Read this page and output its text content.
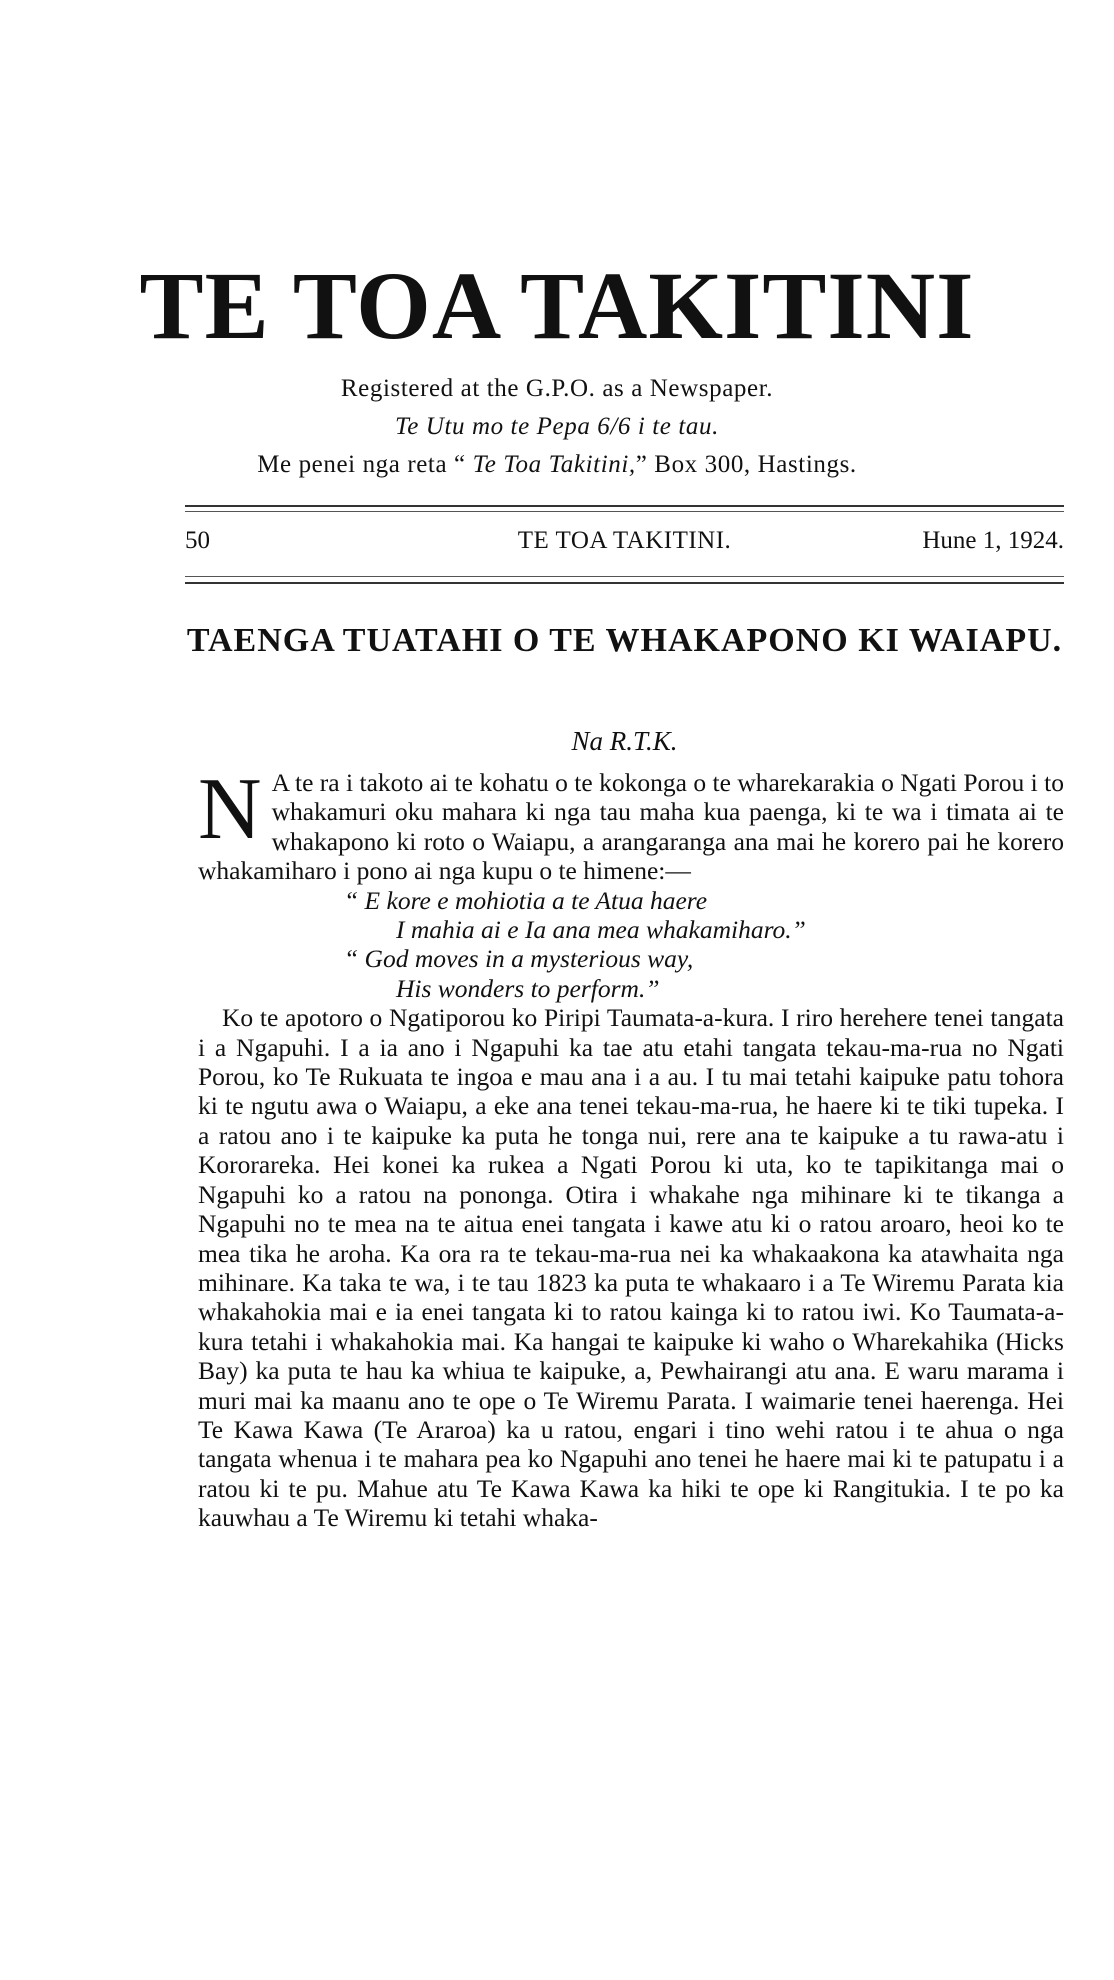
TE TOA TAKITINI
Registered at the G.P.O. as a Newspaper.
Te Utu mo te Pepa 6/6 i te tau.
Me penei nga reta “ Te Toa Takitini,” Box 300, Hastings.
50	TE TOA TAKITINI.	Hune 1, 1924.
TAENGA TUATAHI O TE WHAKAPONO KI WAIAPU.
Na R.T.K.

N A te ra i takoto ai te kohatu o te kokonga o te wharekarakia o Ngati Porou i to whakamuri oku mahara ki nga tau maha kua paenga, ki te wa i timata ai te whakapono ki roto o Waiapu, a arangaranga ana mai he korero pai he korero whakamiharo i pono ai nga kupu o te himene:—

“ E kore e mohiotia a te Atua haere
I mahia ai e Ia ana mea whakamiharo.”
“ God moves in a mysterious way,
His wonders to perform.”

Ko te apotoro o Ngatiporou ko Piripi Taumata-a-kura. I riro herehere tenei tangata i a Ngapuhi. I a ia ano i Ngapuhi ka tae atu etahi tangata tekau-ma-rua no Ngati Porou, ko Te Rukuata te ingoa e mau ana i a au. I tu mai tetahi kaipuke patu tohora ki te ngutu awa o Waiapu, a eke ana tenei tekau-ma-rua, he haere ki te tiki tupeka. I a ratou ano i te kaipuke ka puta he tonga nui, rere ana te kaipuke a tu rawa-atu i Kororareka. Hei konei ka rukea a Ngati Porou ki uta, ko te tapikitanga mai o Ngapuhi ko a ratou na pononga. Otira i whakahe nga mihinare ki te tikanga a Ngapuhi no te mea na te aitua enei tangata i kawe atu ki o ratou aroaro, heoi ko te mea tika he aroha. Ka ora ra te tekau-ma-rua nei ka whakaakona ka atawhaita nga mihinare. Ka taka te wa, i te tau 1823 ka puta te whakaaro i a Te Wiremu Parata kia whakahokia mai e ia enei tangata ki to ratou kainga ki to ratou iwi. Ko Taumata-a-kura tetahi i whakahokia mai. Ka hangai te kaipuke ki waho o Wharekahika (Hicks Bay) ka puta te hau ka whiua te kaipuke, a, Pewhairangi atu ana. E waru marama i muri mai ka maanu ano te ope o Te Wiremu Parata. I waimarie tenei haerenga. Hei Te Kawa Kawa (Te Araroa) ka u ratou, engari i tino wehi ratou i te ahua o nga tangata whenua i te mahara pea ko Ngapuhi ano tenei he haere mai ki te patupatu i a ratou ki te pu. Mahue atu Te Kawa Kawa ka hiki te ope ki Rangitukia. I te po ka kauwhau a Te Wiremu ki tetahi whaka-
